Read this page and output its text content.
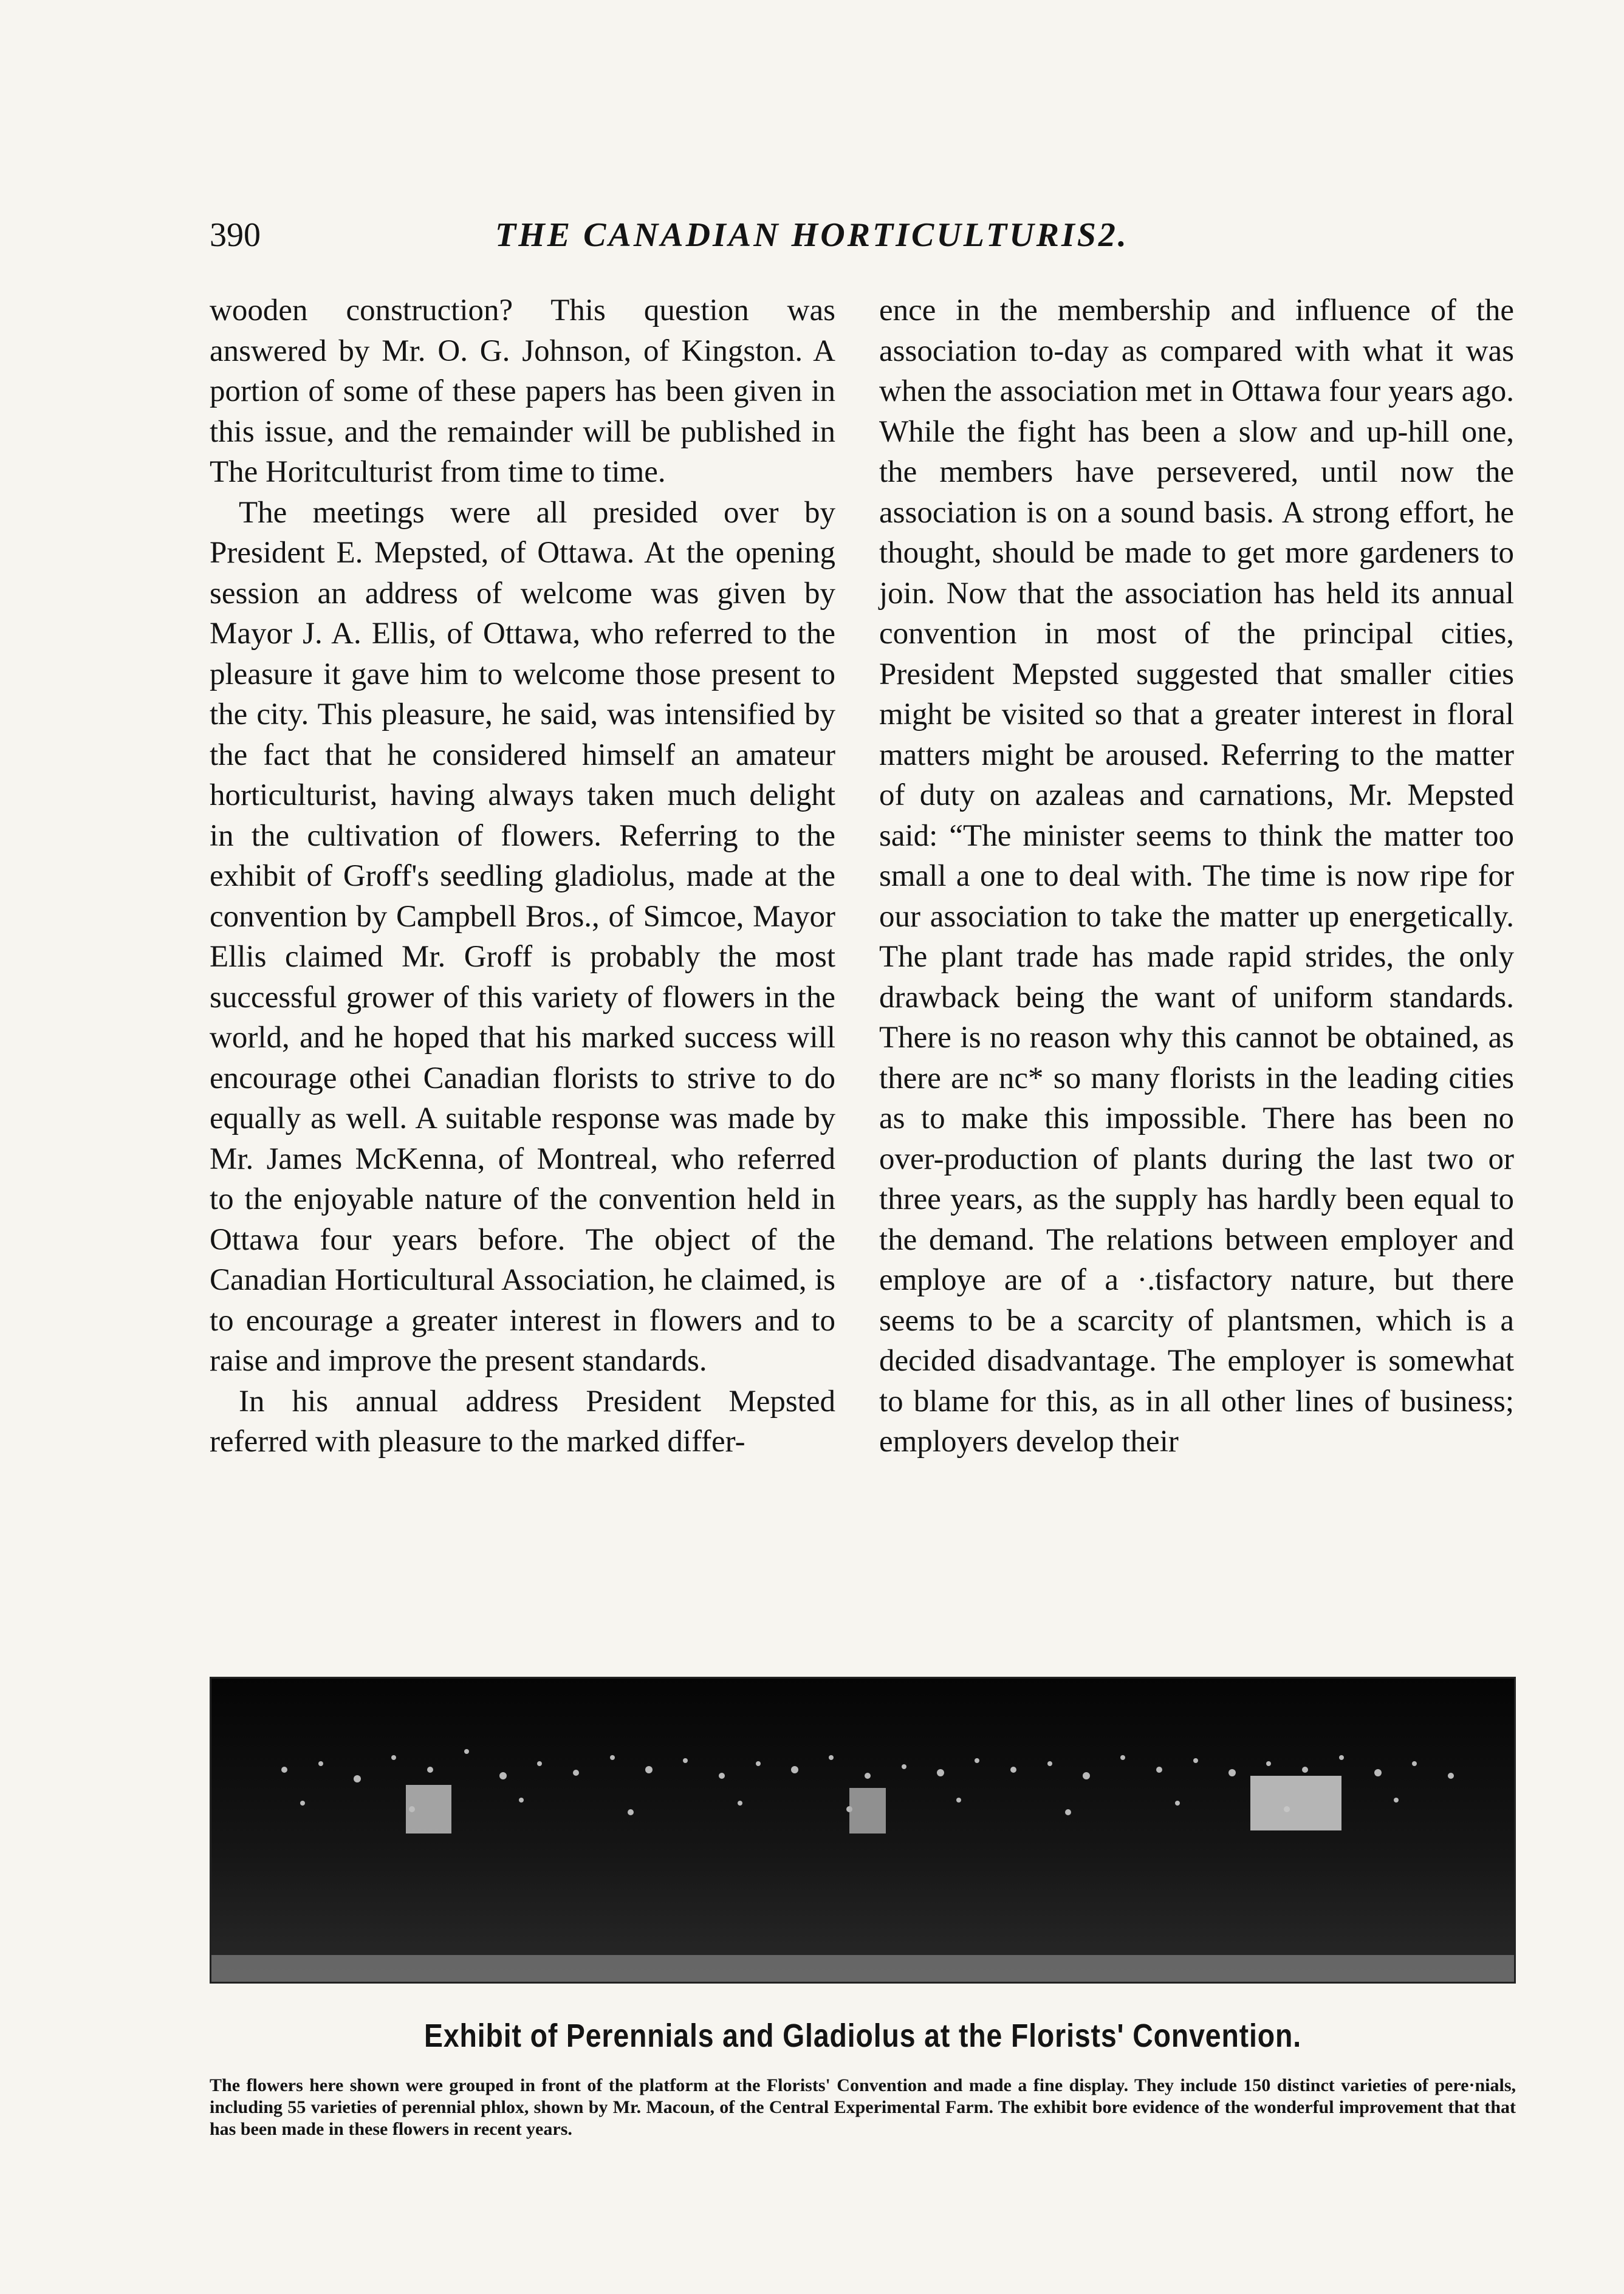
390	THE CANADIAN HORTICULTURIS2.

wooden construction? This question was answered by Mr. O. G. Johnson, of Kingston. A portion of some of these papers has been given in this issue, and the remainder will be published in The Horitculturist from time to time.

The meetings were all presided over by President E. Mepsted, of Ottawa. At the opening session an address of welcome was given by Mayor J. A. Ellis, of Ottawa, who referred to the pleasure it gave him to welcome those present to the city. This pleasure, he said, was intensified by the fact that he considered himself an amateur horticulturist, having always taken much delight in the cultivation of flowers. Referring to the exhibit of Groff's seedling gladiolus, made at the convention by Campbell Bros., of Simcoe, Mayor Ellis claimed Mr. Groff is probably the most successful grower of this variety of flowers in the world, and he hoped that his marked success will encourage othei Canadian florists to strive to do equally as well. A suitable response was made by Mr. James McKenna, of Montreal, who referred to the enjoyable nature of the convention held in Ottawa four years before. The object of the Canadian Horticultural Association, he claimed, is to encourage a greater interest in flowers and to raise and improve the present standards.

In his annual address President Mepsted referred with pleasure to the marked differ-

ence in the membership and influence of the association to-day as compared with what it was when the association met in Ottawa four years ago. While the fight has been a slow and up-hill one, the members have persevered, until now the association is on a sound basis. A strong effort, he thought, should be made to get more gardeners to join. Now that the association has held its annual convention in most of the principal cities, President Mepsted suggested that smaller cities might be visited so that a greater interest in floral matters might be aroused. Referring to the matter of duty on azaleas and carnations, Mr. Mepsted said: “The minister seems to think the matter too small a one to deal with. The time is now ripe for our association to take the matter up energetically. The plant trade has made rapid strides, the only drawback being the want of uniform standards. There is no reason why this cannot be obtained, as there are nc* so many florists in the leading cities as to make this impossible. There has been no over-production of plants during the last two or three years, as the supply has hardly been equal to the demand. The relations between employer and employe are of a ·.tisfactory nature, but there seems to be a scarcity of plantsmen, which is a decided disadvantage. The employer is somewhat to blame for this, as in all other lines of business; employers develop their

Exhibit of Perennials and Gladiolus at the Florists' Convention.
The flowers here shown were grouped in front of the platform at the Florists' Convention and made a fine display. They include 150 distinct varieties of pere·nials, including 55 varieties of perennial phlox, shown by Mr. Macoun, of the Central Experimental Farm. The exhibit bore evidence of the wonderful improvement that that has been made in these flowers in recent years.
